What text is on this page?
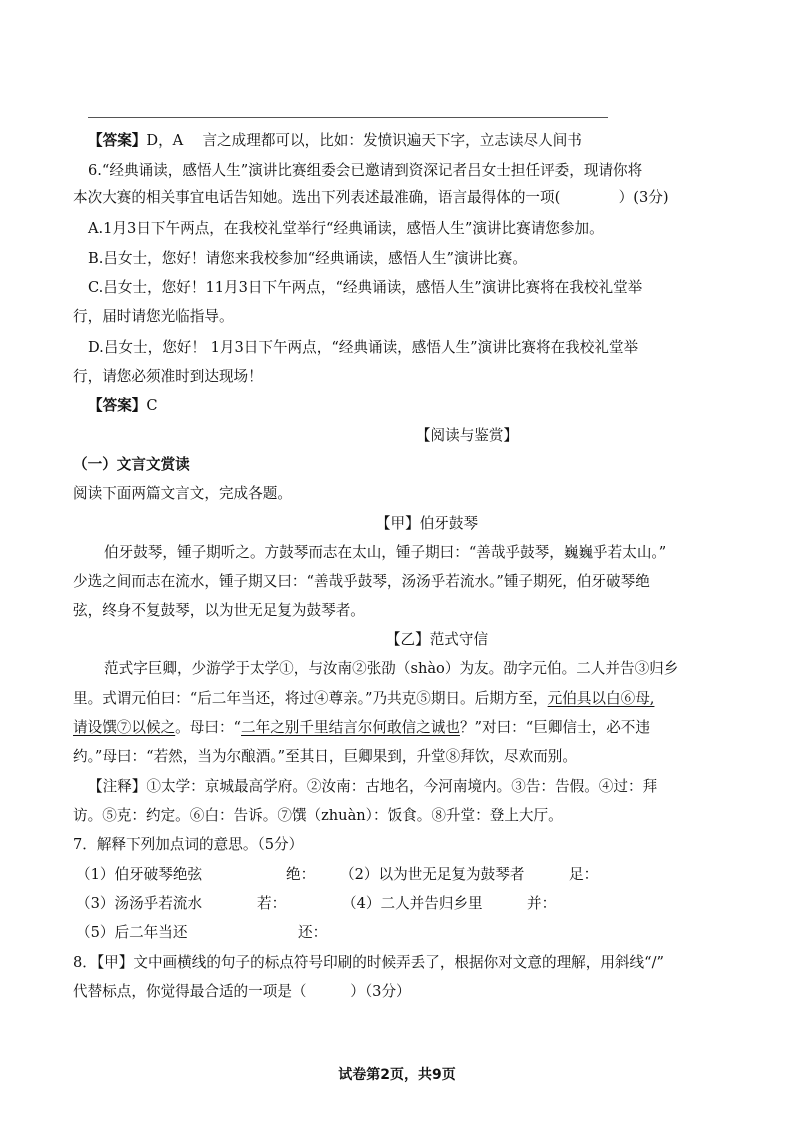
【答案】D，A　 言之成理都可以，比如：发愤识遍天下字，立志读尽人间书
6.“经典诵读，感悟人生”演讲比赛组委会已邀请到资深记者吕女士担任评委，现请你将
本次大赛的相关事宜电话告知她。选出下列表述最准确，语言最得体的一项(　　　　）(3分)
A.1月3日下午两点，在我校礼堂举行“经典诵读，感悟人生”演讲比赛请您参加。
B.吕女士，您好！请您来我校参加“经典诵读，感悟人生”演讲比赛。
C.吕女士，您好！11月3日下午两点，“经典诵读，感悟人生”演讲比赛将在我校礼堂举
行，届时请您光临指导。
D.吕女士，您好！ 1月3日下午两点，“经典诵读，感悟人生”演讲比赛将在我校礼堂举
行，请您必须准时到达现场！
【答案】C
【阅读与鉴赏】
（一）文言文赏读
阅读下面两篇文言文，完成各题。
【甲】伯牙鼓琴
伯牙鼓琴，锺子期听之。方鼓琴而志在太山，锺子期曰：“善哉乎鼓琴，巍巍乎若太山。”
少选之间而志在流水，锺子期又曰：“善哉乎鼓琴，汤汤乎若流水。”锺子期死，伯牙破琴绝
弦，终身不复鼓琴，以为世无足复为鼓琴者。
【乙】范式守信
范式字巨卿，少游学于太学①，与汝南②张劭（shào）为友。劭字元伯。二人并告③归乡
里。式谓元伯曰：“后二年当还，将过④尊亲。”乃共克⑤期日。后期方至，元伯具以白⑥母,
请设馔⑦以候之。母曰：“二年之别千里结言尔何敢信之诚也？”对曰：“巨卿信士，必不违
约。”母曰：“若然，当为尔酿酒。”至其日，巨卿果到，升堂⑧拜饮，尽欢而别。
【注释】①太学：京城最高学府。②汝南：古地名，今河南境内。③告：告假。④过：拜
访。⑤克：约定。⑥白：告诉。⑦馔（zhuàn）：饭食。⑧升堂：登上大厅。
7．解释下列加点词的意思。（5分）
（1）伯牙破琴绝弦	绝： （2）以为世无足复为鼓琴者	足：
（3）汤汤乎若流水	若：	（4）二人并告归乡里	并：
（5）后二年当还	还：
8．【甲】文中画横线的句子的标点符号印刷的时候弄丢了，根据你对文意的理解，用斜线“/”
代替标点，你觉得最合适的一项是（　　　）（3分）
试卷第2页，共9页
